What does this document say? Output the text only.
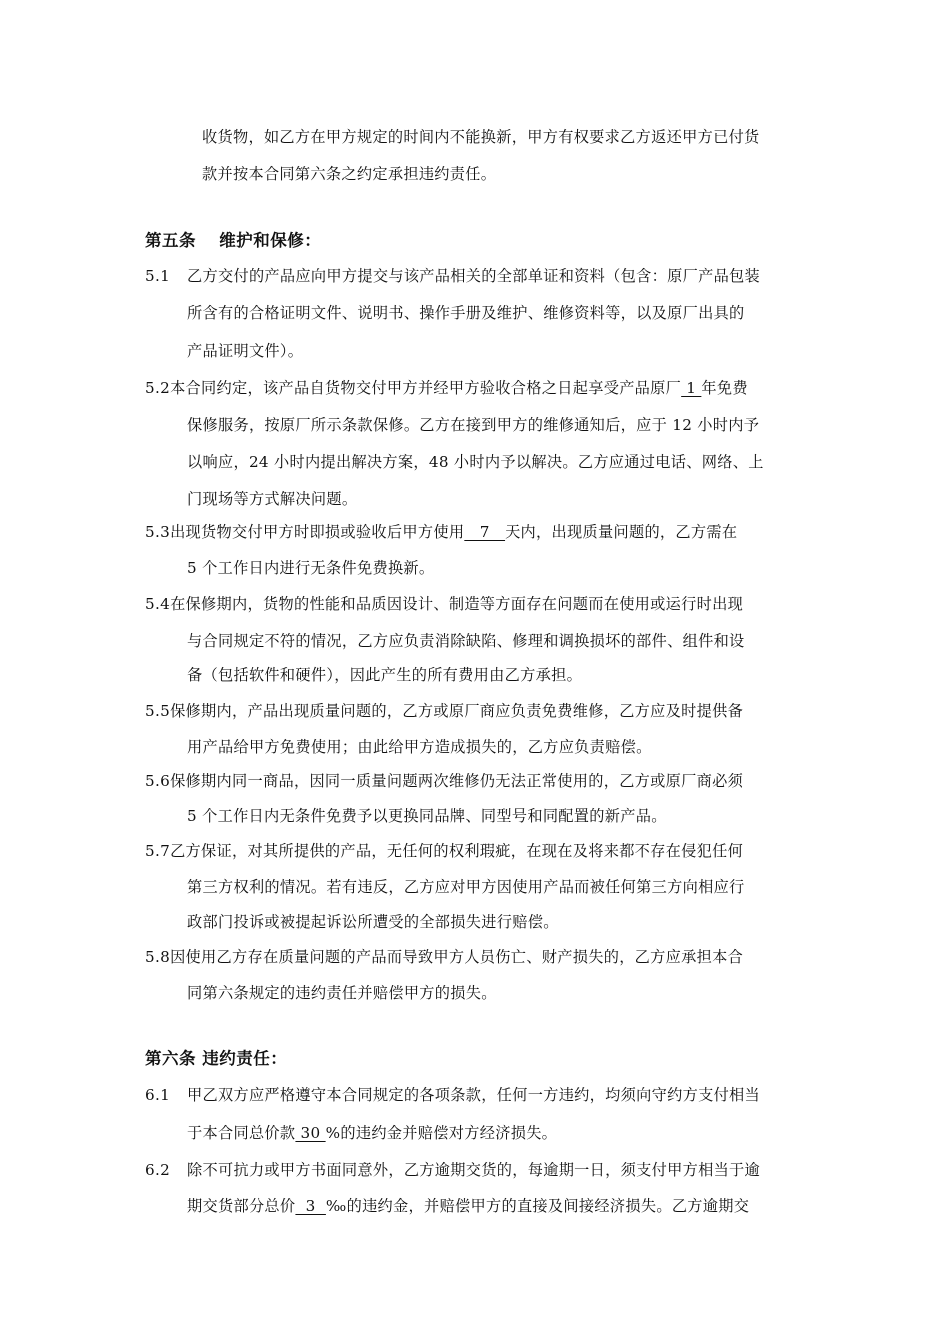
收货物，如乙方在甲方规定的时间内不能换新，甲方有权要求乙方返还甲方已付货
款并按本合同第六条之约定承担违约责任。
第五条　 维护和保修：
5.1 乙方交付的产品应向甲方提交与该产品相关的全部单证和资料（包含：原厂产品包装
所含有的合格证明文件、说明书、操作手册及维护、维修资料等，以及原厂出具的
产品证明文件）。
5.2本合同约定，该产品自货物交付甲方并经甲方验收合格之日起享受产品原厂 1 年免费
保修服务，按原厂所示条款保修。乙方在接到甲方的维修通知后，应于 12 小时内予
以响应，24 小时内提出解决方案，48 小时内予以解决。乙方应通过电话、网络、上
门现场等方式解决问题。
5.3出现货物交付甲方时即损或验收后甲方使用   7   天内，出现质量问题的，乙方需在
5 个工作日内进行无条件免费换新。
5.4在保修期内，货物的性能和品质因设计、制造等方面存在问题而在使用或运行时出现
与合同规定不符的情况，乙方应负责消除缺陷、修理和调换损坏的部件、组件和设
备（包括软件和硬件），因此产生的所有费用由乙方承担。
5.5保修期内，产品出现质量问题的，乙方或原厂商应负责免费维修，乙方应及时提供备
用产品给甲方免费使用；由此给甲方造成损失的，乙方应负责赔偿。
5.6保修期内同一商品，因同一质量问题两次维修仍无法正常使用的，乙方或原厂商必须
5 个工作日内无条件免费予以更换同品牌、同型号和同配置的新产品。
5.7乙方保证，对其所提供的产品，无任何的权利瑕疵，在现在及将来都不存在侵犯任何
第三方权利的情况。若有违反，乙方应对甲方因使用产品而被任何第三方向相应行
政部门投诉或被提起诉讼所遭受的全部损失进行赔偿。
5.8因使用乙方存在质量问题的产品而导致甲方人员伤亡、财产损失的，乙方应承担本合
同第六条规定的违约责任并赔偿甲方的损失。
第六条 违约责任：
6.1 甲乙双方应严格遵守本合同规定的各项条款，任何一方违约，均须向守约方支付相当
于本合同总价款 30 %的违约金并赔偿对方经济损失。
6.2 除不可抗力或甲方书面同意外，乙方逾期交货的，每逾期一日，须支付甲方相当于逾
期交货部分总价  3  ‰的违约金，并赔偿甲方的直接及间接经济损失。乙方逾期交
